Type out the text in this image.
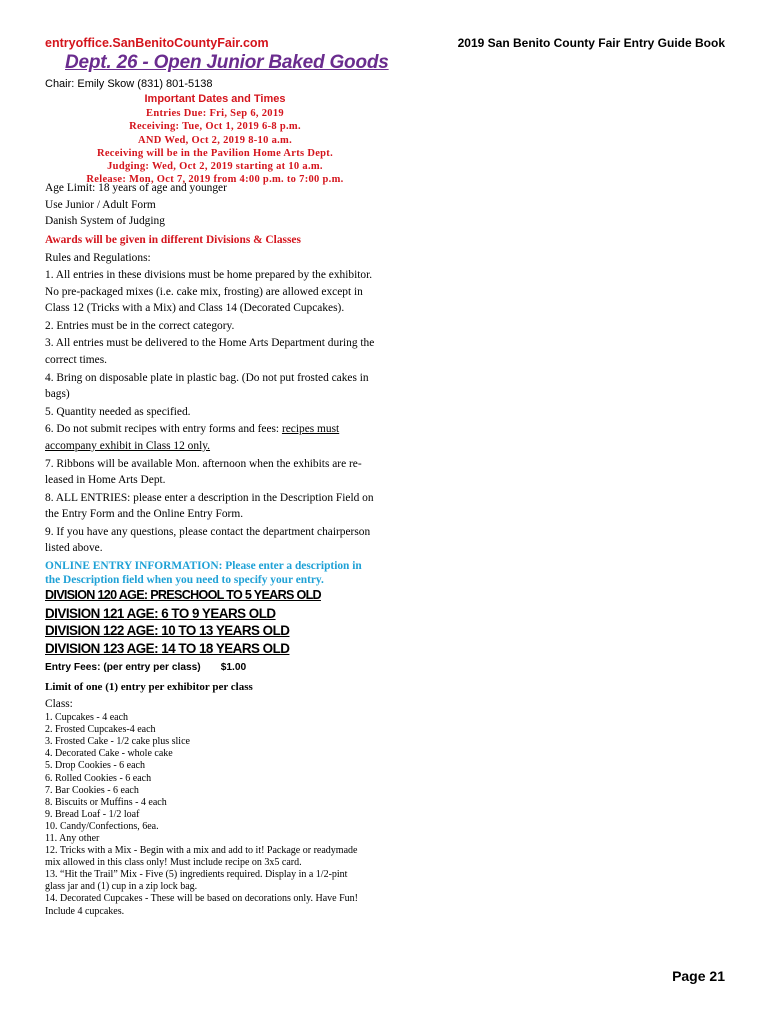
entryoffice.SanBenitoCountyFair.com	2019 San Benito County Fair Entry Guide Book
Dept. 26 - Open Junior Baked Goods
Chair: Emily Skow (831) 801-5138
Important Dates and Times
Entries Due: Fri, Sep 6, 2019
Receiving: Tue, Oct 1, 2019 6-8 p.m.
AND Wed, Oct 2, 2019 8-10 a.m.
Receiving will be in the Pavilion Home Arts Dept.
Judging: Wed, Oct 2, 2019 starting at 10 a.m.
Release: Mon, Oct 7, 2019 from 4:00 p.m. to 7:00 p.m.

Age Limit: 18 years of age and younger

Use Junior / Adult Form

Danish System of Judging

Awards will be given in different Divisions & Classes

Rules and Regulations:

1. All entries in these divisions must be home prepared by the exhibitor. No pre-packaged mixes (i.e. cake mix, frosting) are allowed except in Class 12 (Tricks with a Mix) and Class 14 (Decorated Cupcakes).

2. Entries must be in the correct category.

3. All entries must be delivered to the Home Arts Department during the correct times.

4. Bring on disposable plate in plastic bag. (Do not put frosted cakes in bags)

5. Quantity needed as specified.

6. Do not submit recipes with entry forms and fees: recipes must accompany exhibit in Class 12 only.

7. Ribbons will be available Mon. afternoon when the exhibits are re-leased in Home Arts Dept.

8. ALL ENTRIES: please enter a description in the Description Field on the Entry Form and the Online Entry Form.

9. If you have any questions, please contact the department chairperson listed above.

ONLINE ENTRY INFORMATION: Please enter a description in the Description field when you need to specify your entry.

DIVISION 120 AGE: PRESCHOOL TO 5 YEARS OLD

DIVISION 121 AGE: 6 TO 9 YEARS OLD

DIVISION 122 AGE: 10 TO 13 YEARS OLD

DIVISION 123 AGE: 14 TO 18 YEARS OLD

Entry Fees: (per entry per class) $1.00

Limit of one (1) entry per exhibitor per class

Class:

1. Cupcakes - 4 each
2. Frosted Cupcakes-4 each
3. Frosted Cake - 1/2 cake plus slice
4. Decorated Cake - whole cake
5. Drop Cookies - 6 each
6. Rolled Cookies - 6 each
7. Bar Cookies - 6 each
8. Biscuits or Muffins - 4 each
9. Bread Loaf - 1/2 loaf
10. Candy/Confections, 6ea.
11. Any other
12. Tricks with a Mix - Begin with a mix and add to it! Package or readymade mix allowed in this class only! Must include recipe on 3x5 card.
13. “Hit the Trail” Mix - Five (5) ingredients required. Display in a 1/2-pint glass jar and (1) cup in a zip lock bag.
14. Decorated Cupcakes - These will be based on decorations only. Have Fun! Include 4 cupcakes.
Page 21
